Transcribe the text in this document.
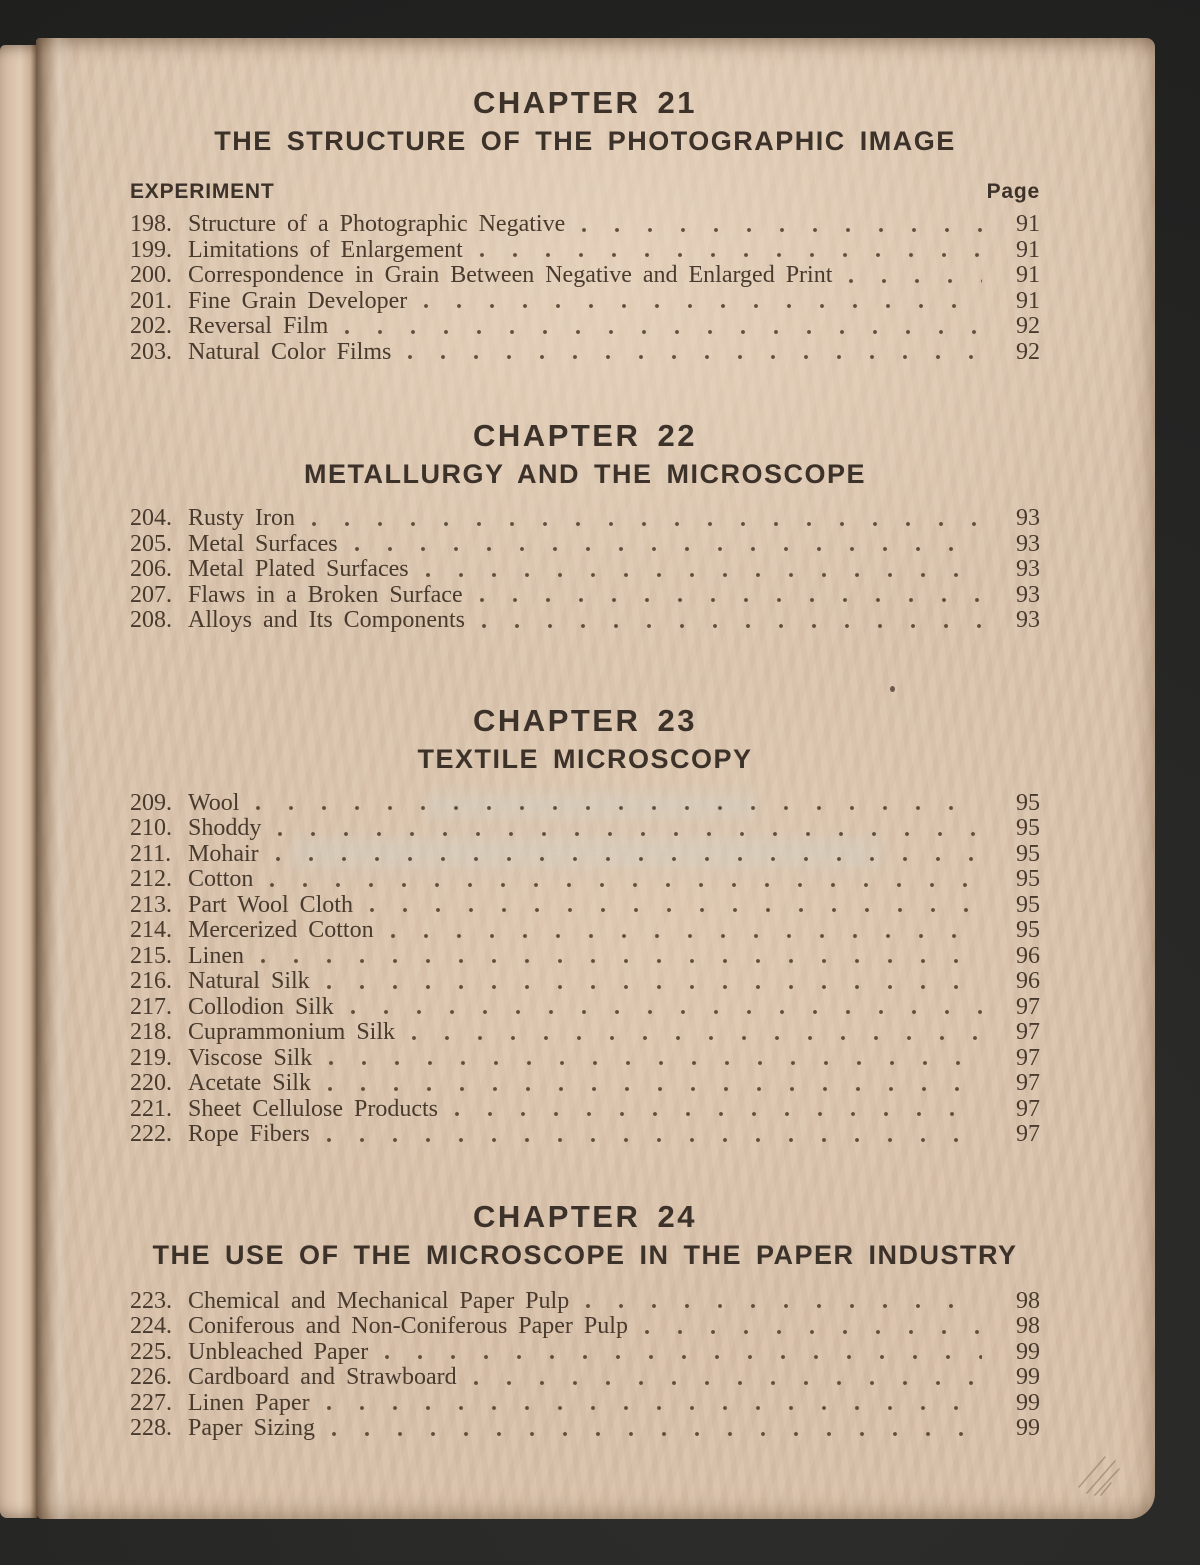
CHAPTER 21
THE STRUCTURE OF THE PHOTOGRAPHIC IMAGE
EXPERIMENT	Page
198. Structure of a Photographic Negative	91
199. Limitations of Enlargement	91
200. Correspondence in Grain Between Negative and Enlarged Print	91
201. Fine Grain Developer	91
202. Reversal Film	92
203. Natural Color Films	92
CHAPTER 22
METALLURGY AND THE MICROSCOPE
204. Rusty Iron	93
205. Metal Surfaces	93
206. Metal Plated Surfaces	93
207. Flaws in a Broken Surface	93
208. Alloys and Its Components	93
CHAPTER 23
TEXTILE MICROSCOPY
209. Wool	95
210. Shoddy	95
211. Mohair	95
212. Cotton	95
213. Part Wool Cloth	95
214. Mercerized Cotton	95
215. Linen	96
216. Natural Silk	96
217. Collodion Silk	97
218. Cuprammonium Silk	97
219. Viscose Silk	97
220. Acetate Silk	97
221. Sheet Cellulose Products	97
222. Rope Fibers	97
CHAPTER 24
THE USE OF THE MICROSCOPE IN THE PAPER INDUSTRY
223. Chemical and Mechanical Paper Pulp	98
224. Coniferous and Non-Coniferous Paper Pulp	98
225. Unbleached Paper	99
226. Cardboard and Strawboard	99
227. Linen Paper	99
228. Paper Sizing	99
